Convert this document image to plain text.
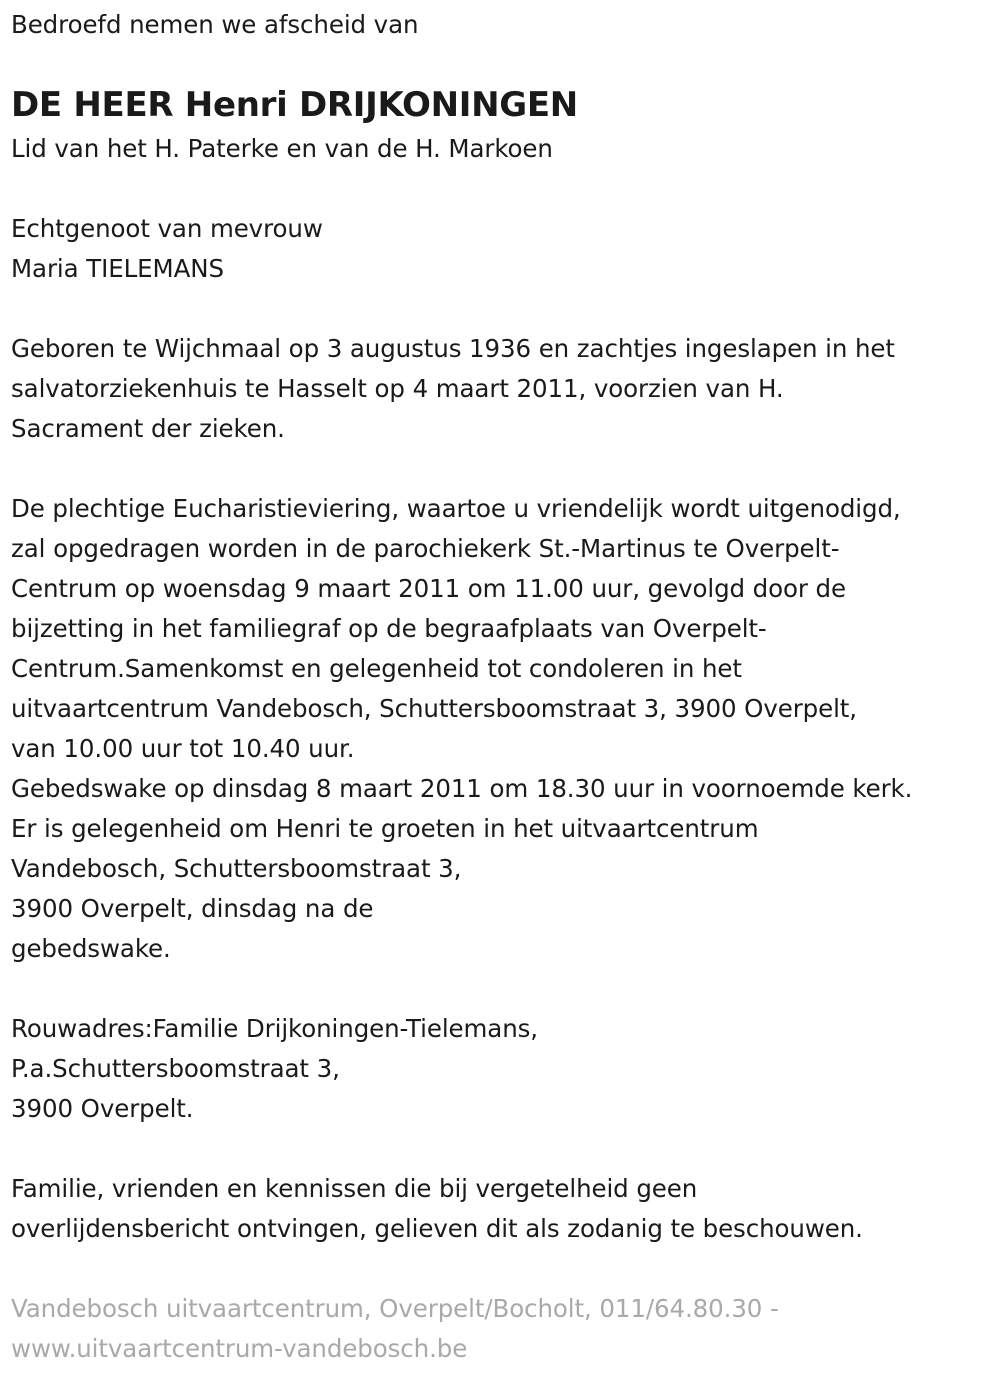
Bedroefd nemen we afscheid van
DE HEER Henri DRIJKONINGEN
Lid van het H. Paterke en van de H. Markoen
Echtgenoot van mevrouw
Maria TIELEMANS
Geboren te Wijchmaal op 3 augustus 1936 en zachtjes ingeslapen in het
salvatorziekenhuis te Hasselt op 4 maart 2011, voorzien van H.
Sacrament der zieken.
De plechtige Eucharistieviering, waartoe u vriendelijk wordt uitgenodigd,
zal opgedragen worden in de parochiekerk St.-Martinus te Overpelt-
Centrum op woensdag 9 maart 2011 om 11.00 uur, gevolgd door de
bijzetting in het familiegraf op de begraafplaats van Overpelt-
Centrum.Samenkomst en gelegenheid tot condoleren in het
uitvaartcentrum Vandebosch, Schuttersboomstraat 3, 3900 Overpelt,
van 10.00 uur tot 10.40 uur.
Gebedswake op dinsdag 8 maart 2011 om 18.30 uur in voornoemde kerk.
Er is gelegenheid om Henri te groeten in het uitvaartcentrum
Vandebosch, Schuttersboomstraat 3,
3900 Overpelt, dinsdag na de
gebedswake.
Rouwadres:Familie Drijkoningen-Tielemans,
P.a.Schuttersboomstraat 3,
3900 Overpelt.
Familie, vrienden en kennissen die bij vergetelheid geen
overlijdensbericht ontvingen, gelieven dit als zodanig te beschouwen.
Vandebosch uitvaartcentrum, Overpelt/Bocholt, 011/64.80.30 -
www.uitvaartcentrum-vandebosch.be
